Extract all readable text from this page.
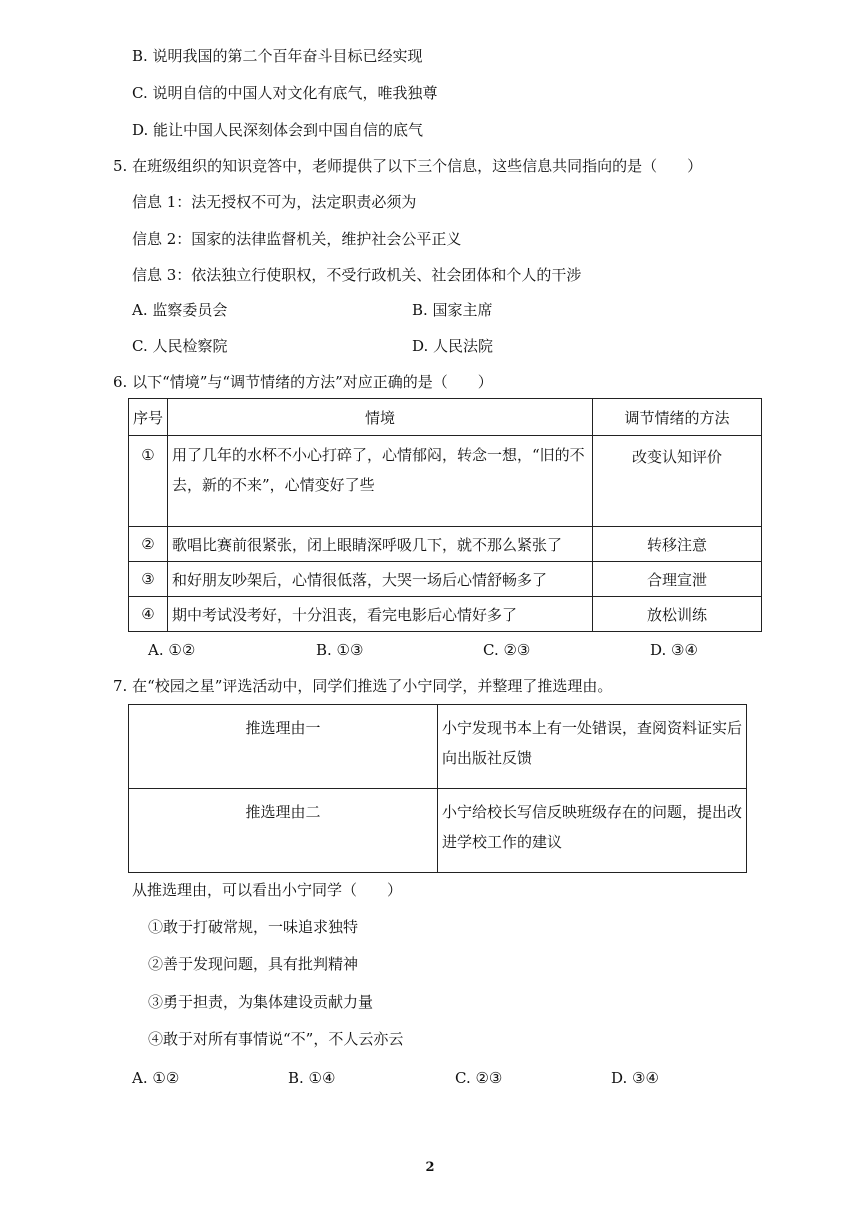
B. 说明我国的第二个百年奋斗目标已经实现
C. 说明自信的中国人对文化有底气，唯我独尊
D. 能让中国人民深刻体会到中国自信的底气
5. 在班级组织的知识竞答中，老师提供了以下三个信息，这些信息共同指向的是（　　）
信息 1：法无授权不可为，法定职责必须为
信息 2：国家的法律监督机关，维护社会公平正义
信息 3：依法独立行使职权，不受行政机关、社会团体和个人的干涉
A. 监察委员会	B. 国家主席
C. 人民检察院	D. 人民法院
6. 以下“情境”与“调节情绪的方法”对应正确的是（　　）
序号	情境	调节情绪的方法
①	用了几年的水杯不小心打碎了，心情郁闷，转念一想，“旧的不去，新的不来”，心情变好了些	改变认知评价
②	歌唱比赛前很紧张，闭上眼睛深呼吸几下，就不那么紧张了	转移注意
③	和好朋友吵架后，心情很低落，大哭一场后心情舒畅多了	合理宣泄
④	期中考试没考好，十分沮丧，看完电影后心情好多了	放松训练
A. ①②	B. ①③	C. ②③	D. ③④
7. 在“校园之星”评选活动中，同学们推选了小宁同学，并整理了推选理由。
推选理由一	小宁发现书本上有一处错误，查阅资料证实后向出版社反馈
推选理由二	小宁给校长写信反映班级存在的问题，提出改进学校工作的建议
从推选理由，可以看出小宁同学（　　）
①敢于打破常规，一味追求独特
②善于发现问题，具有批判精神
③勇于担责，为集体建设贡献力量
④敢于对所有事情说“不”，不人云亦云
A. ①②	B. ①④	C. ②③	D. ③④
2
